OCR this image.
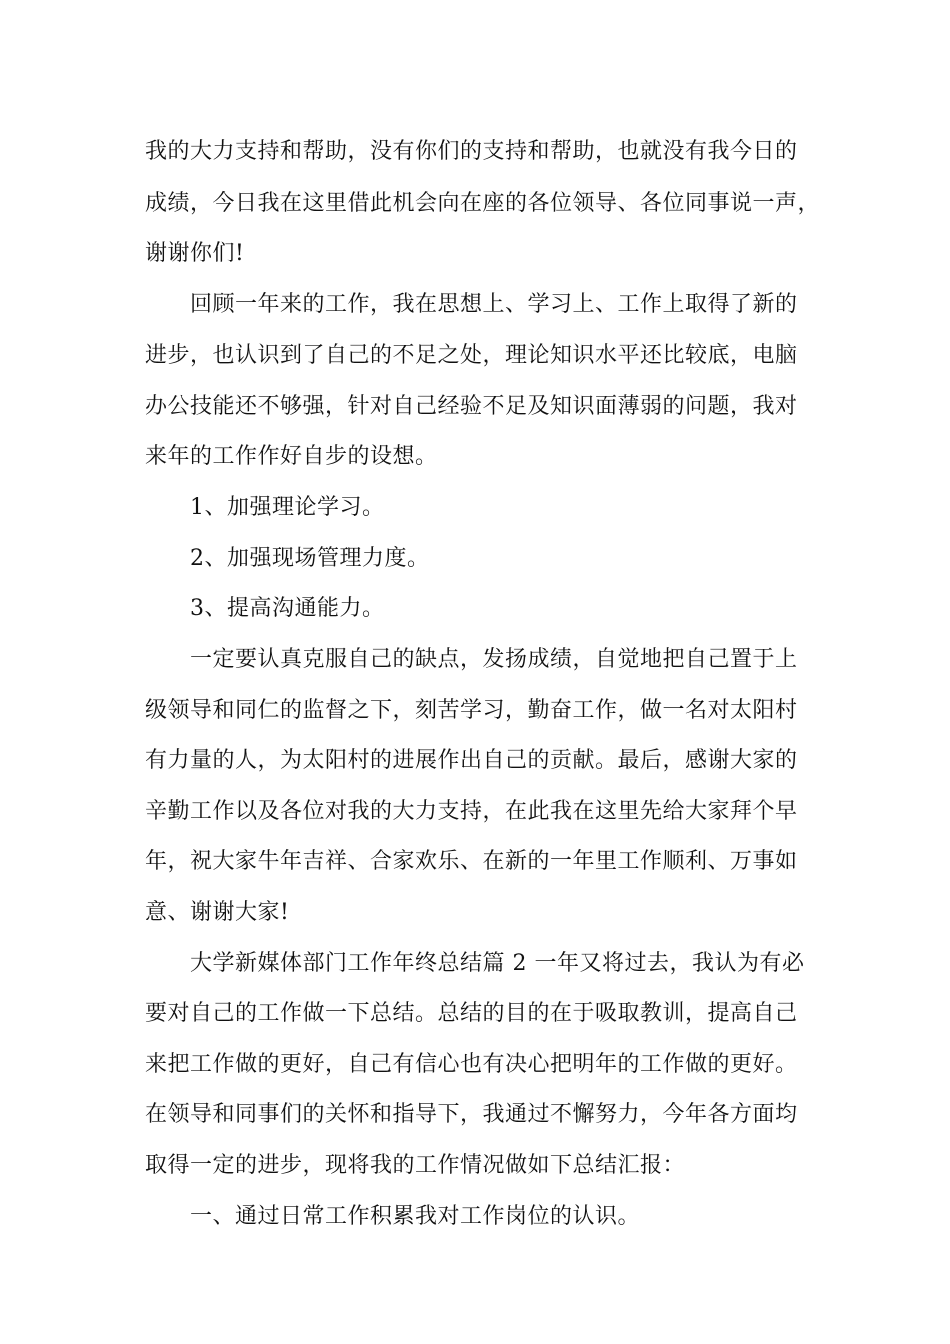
我的大力支持和帮助，没有你们的支持和帮助，也就没有我今日的
成绩，今日我在这里借此机会向在座的各位领导、各位同事说一声，
谢谢你们!
回顾一年来的工作，我在思想上、学习上、工作上取得了新的
进步，也认识到了自己的不足之处，理论知识水平还比较底，电脑
办公技能还不够强，针对自己经验不足及知识面薄弱的问题，我对
来年的工作作好自步的设想。
1、加强理论学习。
2、加强现场管理力度。
3、提高沟通能力。
一定要认真克服自己的缺点，发扬成绩，自觉地把自己置于上
级领导和同仁的监督之下，刻苦学习，勤奋工作，做一名对太阳村
有力量的人，为太阳村的进展作出自己的贡献。最后，感谢大家的
辛勤工作以及各位对我的大力支持，在此我在这里先给大家拜个早
年，祝大家牛年吉祥、合家欢乐、在新的一年里工作顺利、万事如
意、谢谢大家!
大学新媒体部门工作年终总结篇 2 一年又将过去，我认为有必
要对自己的工作做一下总结。总结的目的在于吸取教训，提高自己
来把工作做的更好，自己有信心也有决心把明年的工作做的更好。
在领导和同事们的关怀和指导下，我通过不懈努力，今年各方面均
取得一定的进步，现将我的工作情况做如下总结汇报：
一、通过日常工作积累我对工作岗位的认识。
